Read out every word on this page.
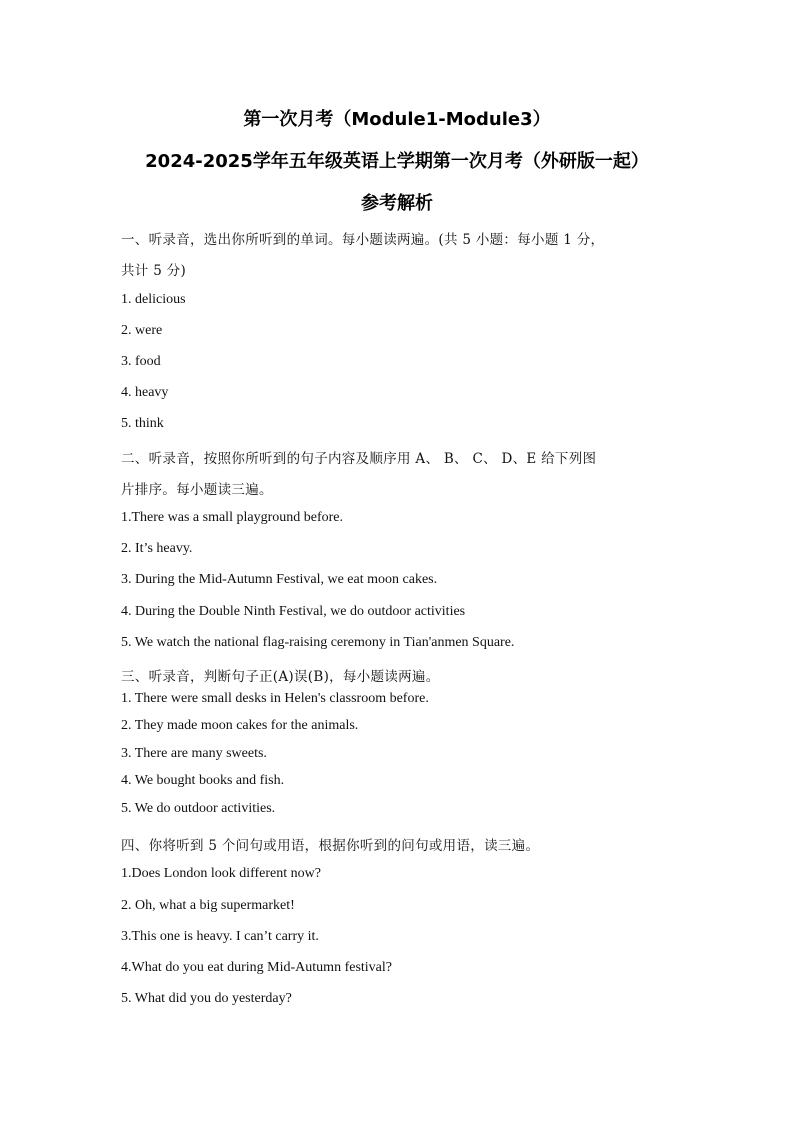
第一次月考（Module1-Module3）
2024-2025学年五年级英语上学期第一次月考（外研版一起）
参考解析
一、听录音，选出你所听到的单词。每小题读两遍。(共 5 小题：每小题 1 分，
共计 5 分)
1. delicious
2. were
3. food
4. heavy
5. think
二、听录音，按照你所听到的句子内容及顺序用 A、 B、 C、 D、E 给下列图
片排序。每小题读三遍。
1.There was a small playground before.
2. It’s heavy.
3. During the Mid-Autumn Festival, we eat moon cakes.
4. During the Double Ninth Festival, we do outdoor activities
5. We watch the national flag-raising ceremony in Tian'anmen Square.
三、听录音，判断句子正(A)误(B)，每小题读两遍。
1. There were small desks in Helen's classroom before.
2. They made moon cakes for the animals.
3. There are many sweets.
4. We bought books and fish.
5. We do outdoor activities.
四、你将听到 5 个问句或用语，根据你听到的问句或用语，读三遍。
1.Does London look different now?
2. Oh, what a big supermarket!
3.This one is heavy. I can’t carry it.
4.What do you eat during Mid-Autumn festival?
5. What did you do yesterday?
